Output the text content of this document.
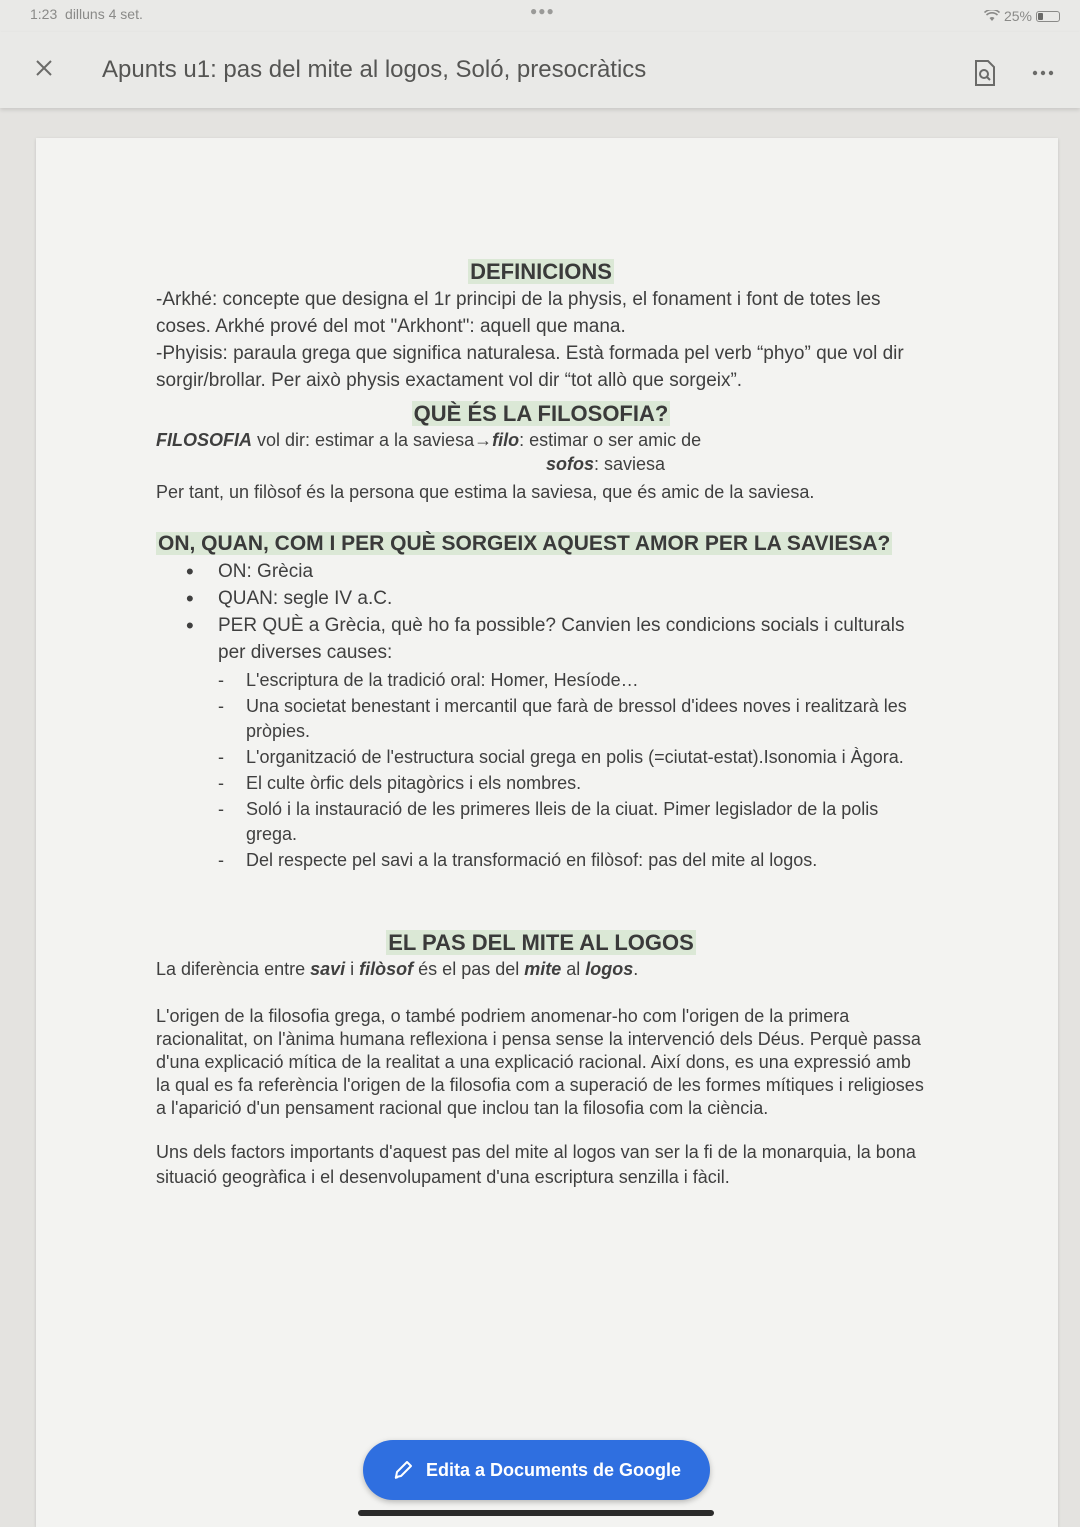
1:23 dilluns 4 set.	●●●	25%
Apunts u1: pas del mite al logos, Soló, presocràtics
DEFINICIONS

-Arkhé: concepte que designa el 1r principi de la physis, el fonament i font de totes les coses. Arkhé prové del mot "Arkhont": aquell que mana.

-Phyisis: paraula grega que significa naturalesa. Està formada pel verb “phyo” que vol dir sorgir/brollar. Per això physis exactament vol dir “tot allò que sorgeix”.

QUÈ ÉS LA FILOSOFIA?

FILOSOFIA vol dir: estimar a la saviesa→filo: estimar o ser amic de

sofos: saviesa

Per tant, un filòsof és la persona que estima la saviesa, que és amic de la saviesa.

ON, QUAN, COM I PER QUÈ SORGEIX AQUEST AMOR PER LA SAVIESA?
• ON: Grècia
• QUAN: segle IV a.C.
• PER QUÈ a Grècia, què ho fa possible? Canvien les condicions socials i culturals per diverses causes:
- L'escriptura de la tradició oral: Homer, Hesíode…
- Una societat benestant i mercantil que farà de bressol d'idees noves i realitzarà les pròpies.
- L'organització de l'estructura social grega en polis (=ciutat-estat).Isonomia i Àgora.
- El culte òrfic dels pitagòrics i els nombres.
- Soló i la instauració de les primeres lleis de la ciuat. Pimer legislador de la polis grega.
- Del respecte pel savi a la transformació en filòsof: pas del mite al logos.
EL PAS DEL MITE AL LOGOS

La diferència entre savi i filòsof és el pas del mite al logos.

L'origen de la filosofia grega, o també podriem anomenar-ho com l'origen de la primera racionalitat, on l'ànima humana reflexiona i pensa sense la intervenció dels Déus. Perquè passa d'una explicació mítica de la realitat a una explicació racional. Així dons, es una expressió amb la qual es fa referència l'origen de la filosofia com a superació de les formes mítiques i religioses a l'aparició d'un pensament racional que inclou tan la filosofia com la ciència.

Uns dels factors importants d'aquest pas del mite al logos van ser la fi de la monarquia, la bona situació geogràfica i el desenvolupament d'una escriptura senzilla i fàcil.

Edita a Documents de Google
